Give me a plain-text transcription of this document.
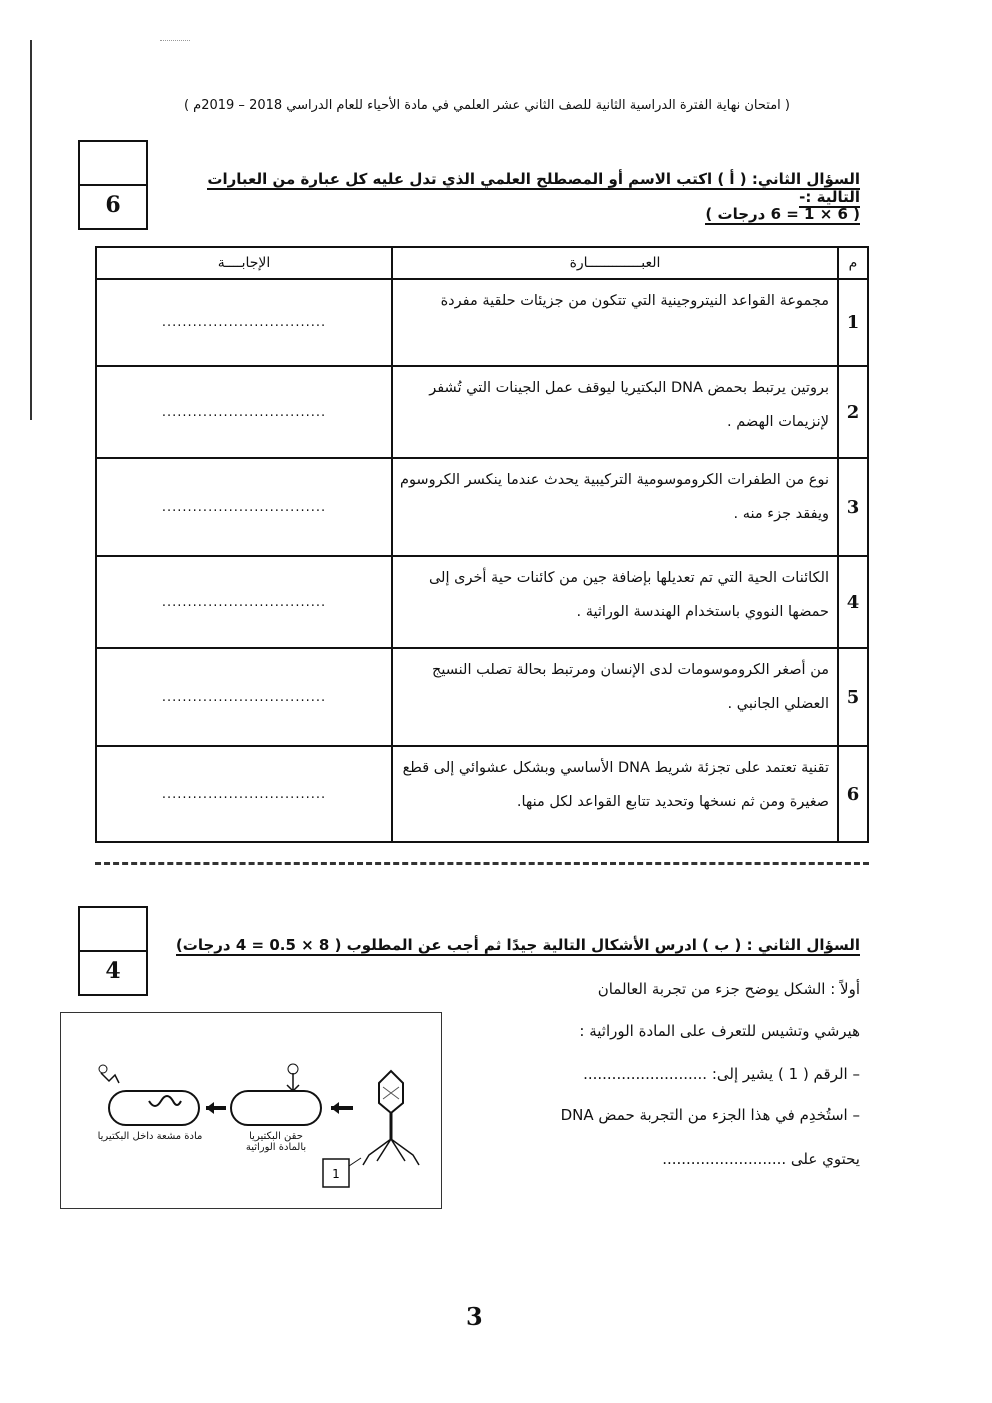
( امتحان نهاية الفترة الدراسية الثانية للصف الثاني عشر العلمي في مادة الأحياء للعام الدراسي 2018 – 2019م )
6
السؤال الثاني: ( أ ) اكتب الاسم أو المصطلح العلمي الذي تدل عليه كل عبارة من العبارات التالية :-
( 6 × 1 = 6 درجات )
م	العبـــــــــــــارة	الإجابــــة
1	مجموعة القواعد النيتروجينية التي تتكون من جزيئات حلقية مفردة	................................
2	بروتين يرتبط بحمض DNA البكتيريا ليوقف عمل الجينات التي تُشفر لإنزيمات الهضم .	................................
3	نوع من الطفرات الكروموسومية التركيبية يحدث عندما ينكسر الكروسوم ويفقد جزء منه .	................................
4	الكائنات الحية التي تم تعديلها بإضافة جين من كائنات حية أخرى إلى حمضها النووي باستخدام الهندسة الوراثية .	................................
5	من أصغر الكروموسومات لدى الإنسان ومرتبط بحالة تصلب النسيج العضلي الجانبي .	................................
6	تقنية تعتمد على تجزئة شريط DNA الأساسي وبشكل عشوائي إلى قطع صغيرة ومن ثم نسخها وتحديد تتابع القواعد لكل منها.	................................
4
السؤال الثاني : ( ب ) ادرس الأشكال التالية جيدًا ثم أجب عن المطلوب ( 8 × 0.5 = 4 درجات)
أولاً : الشكل يوضح جزء من تجربة العالمان
هيرشي وتشيس للتعرف على المادة الوراثية :
– الرقم ( 1 ) يشير إلى: ..........................
– استُخدِم في هذا الجزء من التجربة حمض DNA
يحتوي على ..........................
1
مادة مشعة داخل البكتيريا	حقن البكتيريا بالمادة الوراثية
3
